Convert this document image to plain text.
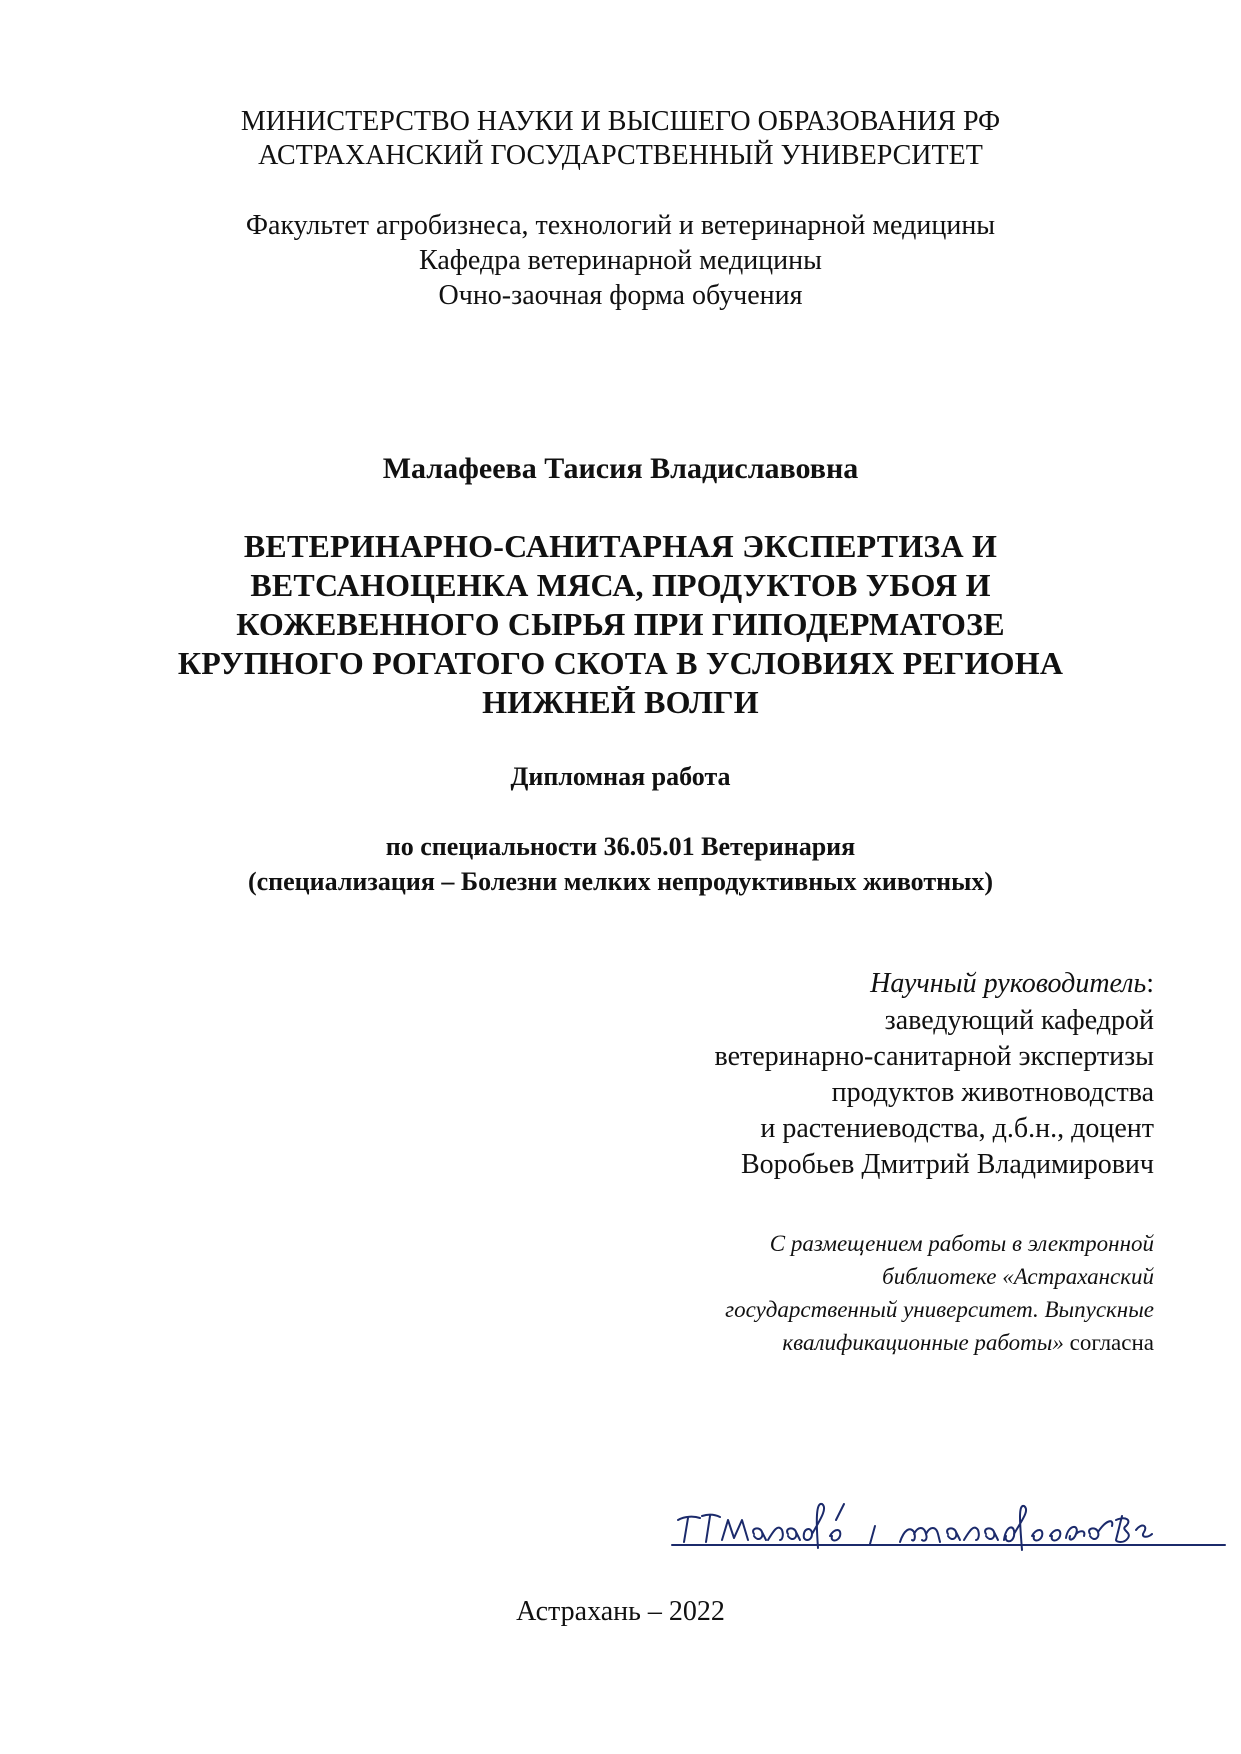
МИНИСТЕРСТВО НАУКИ И ВЫСШЕГО ОБРАЗОВАНИЯ РФ
АСТРАХАНСКИЙ ГОСУДАРСТВЕННЫЙ УНИВЕРСИТЕТ
Факультет агробизнеса, технологий и ветеринарной медицины
Кафедра ветеринарной медицины
Очно-заочная форма обучения
Малафеева Таисия Владиславовна
ВЕТЕРИНАРНО-САНИТАРНАЯ ЭКСПЕРТИЗА И
ВЕТСАНОЦЕНКА МЯСА, ПРОДУКТОВ УБОЯ И
КОЖЕВЕННОГО СЫРЬЯ ПРИ ГИПОДЕРМАТОЗЕ
КРУПНОГО РОГАТОГО СКОТА В УСЛОВИЯХ РЕГИОНА
НИЖНЕЙ ВОЛГИ
Дипломная работа
по специальности 36.05.01 Ветеринария
(специализация – Болезни мелких непродуктивных животных)
Научный руководитель:
заведующий кафедрой
ветеринарно-санитарной экспертизы
продуктов животноводства
и растениеводства, д.б.н., доцент
Воробьев Дмитрий Владимирович
С размещением работы в электронной
библиотеке «Астраханский
государственный университет. Выпускные
квалификационные работы» согласна
Астрахань – 2022
